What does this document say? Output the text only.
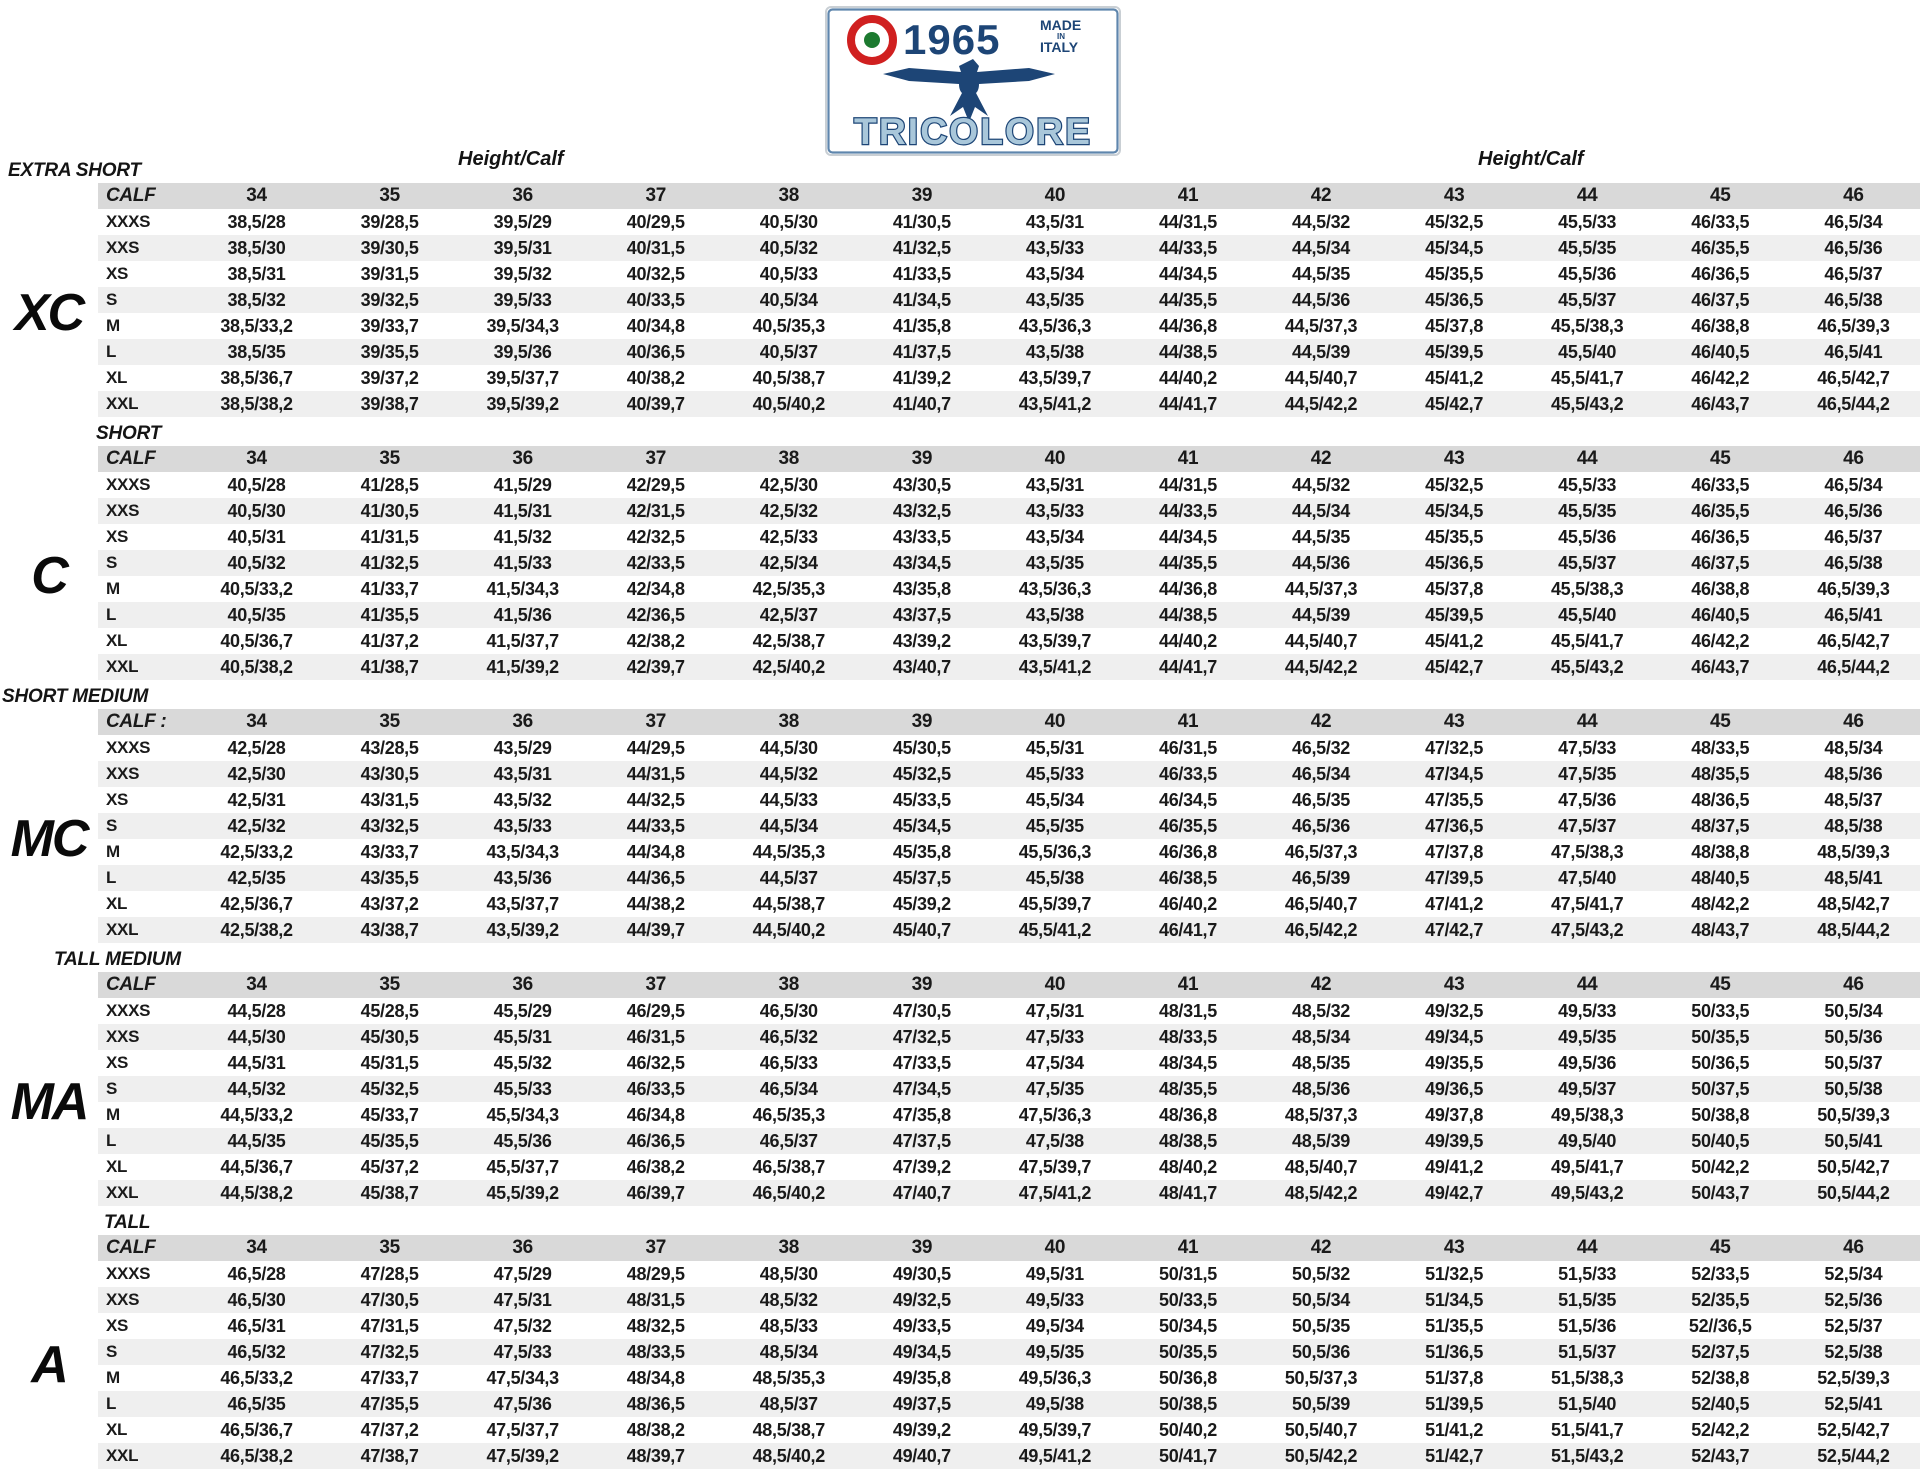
1965	MADE
IN
ITALY
TRICOLORE
Height/Calf	Height/Calf
EXTRA SHORT
XC
CALF	34	35	36	37	38	39	40	41	42	43	44	45	46
XXXS	38,5/28	39/28,5	39,5/29	40/29,5	40,5/30	41/30,5	43,5/31	44/31,5	44,5/32	45/32,5	45,5/33	46/33,5	46,5/34
XXS	38,5/30	39/30,5	39,5/31	40/31,5	40,5/32	41/32,5	43,5/33	44/33,5	44,5/34	45/34,5	45,5/35	46/35,5	46,5/36
XS	38,5/31	39/31,5	39,5/32	40/32,5	40,5/33	41/33,5	43,5/34	44/34,5	44,5/35	45/35,5	45,5/36	46/36,5	46,5/37
S	38,5/32	39/32,5	39,5/33	40/33,5	40,5/34	41/34,5	43,5/35	44/35,5	44,5/36	45/36,5	45,5/37	46/37,5	46,5/38
M	38,5/33,2	39/33,7	39,5/34,3	40/34,8	40,5/35,3	41/35,8	43,5/36,3	44/36,8	44,5/37,3	45/37,8	45,5/38,3	46/38,8	46,5/39,3
L	38,5/35	39/35,5	39,5/36	40/36,5	40,5/37	41/37,5	43,5/38	44/38,5	44,5/39	45/39,5	45,5/40	46/40,5	46,5/41
XL	38,5/36,7	39/37,2	39,5/37,7	40/38,2	40,5/38,7	41/39,2	43,5/39,7	44/40,2	44,5/40,7	45/41,2	45,5/41,7	46/42,2	46,5/42,7
XXL	38,5/38,2	39/38,7	39,5/39,2	40/39,7	40,5/40,2	41/40,7	43,5/41,2	44/41,7	44,5/42,2	45/42,7	45,5/43,2	46/43,7	46,5/44,2
SHORT
C
CALF	34	35	36	37	38	39	40	41	42	43	44	45	46
XXXS	40,5/28	41/28,5	41,5/29	42/29,5	42,5/30	43/30,5	43,5/31	44/31,5	44,5/32	45/32,5	45,5/33	46/33,5	46,5/34
XXS	40,5/30	41/30,5	41,5/31	42/31,5	42,5/32	43/32,5	43,5/33	44/33,5	44,5/34	45/34,5	45,5/35	46/35,5	46,5/36
XS	40,5/31	41/31,5	41,5/32	42/32,5	42,5/33	43/33,5	43,5/34	44/34,5	44,5/35	45/35,5	45,5/36	46/36,5	46,5/37
S	40,5/32	41/32,5	41,5/33	42/33,5	42,5/34	43/34,5	43,5/35	44/35,5	44,5/36	45/36,5	45,5/37	46/37,5	46,5/38
M	40,5/33,2	41/33,7	41,5/34,3	42/34,8	42,5/35,3	43/35,8	43,5/36,3	44/36,8	44,5/37,3	45/37,8	45,5/38,3	46/38,8	46,5/39,3
L	40,5/35	41/35,5	41,5/36	42/36,5	42,5/37	43/37,5	43,5/38	44/38,5	44,5/39	45/39,5	45,5/40	46/40,5	46,5/41
XL	40,5/36,7	41/37,2	41,5/37,7	42/38,2	42,5/38,7	43/39,2	43,5/39,7	44/40,2	44,5/40,7	45/41,2	45,5/41,7	46/42,2	46,5/42,7
XXL	40,5/38,2	41/38,7	41,5/39,2	42/39,7	42,5/40,2	43/40,7	43,5/41,2	44/41,7	44,5/42,2	45/42,7	45,5/43,2	46/43,7	46,5/44,2
SHORT MEDIUM
MC
CALF :	34	35	36	37	38	39	40	41	42	43	44	45	46
XXXS	42,5/28	43/28,5	43,5/29	44/29,5	44,5/30	45/30,5	45,5/31	46/31,5	46,5/32	47/32,5	47,5/33	48/33,5	48,5/34
XXS	42,5/30	43/30,5	43,5/31	44/31,5	44,5/32	45/32,5	45,5/33	46/33,5	46,5/34	47/34,5	47,5/35	48/35,5	48,5/36
XS	42,5/31	43/31,5	43,5/32	44/32,5	44,5/33	45/33,5	45,5/34	46/34,5	46,5/35	47/35,5	47,5/36	48/36,5	48,5/37
S	42,5/32	43/32,5	43,5/33	44/33,5	44,5/34	45/34,5	45,5/35	46/35,5	46,5/36	47/36,5	47,5/37	48/37,5	48,5/38
M	42,5/33,2	43/33,7	43,5/34,3	44/34,8	44,5/35,3	45/35,8	45,5/36,3	46/36,8	46,5/37,3	47/37,8	47,5/38,3	48/38,8	48,5/39,3
L	42,5/35	43/35,5	43,5/36	44/36,5	44,5/37	45/37,5	45,5/38	46/38,5	46,5/39	47/39,5	47,5/40	48/40,5	48,5/41
XL	42,5/36,7	43/37,2	43,5/37,7	44/38,2	44,5/38,7	45/39,2	45,5/39,7	46/40,2	46,5/40,7	47/41,2	47,5/41,7	48/42,2	48,5/42,7
XXL	42,5/38,2	43/38,7	43,5/39,2	44/39,7	44,5/40,2	45/40,7	45,5/41,2	46/41,7	46,5/42,2	47/42,7	47,5/43,2	48/43,7	48,5/44,2
TALL MEDIUM
MA
CALF	34	35	36	37	38	39	40	41	42	43	44	45	46
XXXS	44,5/28	45/28,5	45,5/29	46/29,5	46,5/30	47/30,5	47,5/31	48/31,5	48,5/32	49/32,5	49,5/33	50/33,5	50,5/34
XXS	44,5/30	45/30,5	45,5/31	46/31,5	46,5/32	47/32,5	47,5/33	48/33,5	48,5/34	49/34,5	49,5/35	50/35,5	50,5/36
XS	44,5/31	45/31,5	45,5/32	46/32,5	46,5/33	47/33,5	47,5/34	48/34,5	48,5/35	49/35,5	49,5/36	50/36,5	50,5/37
S	44,5/32	45/32,5	45,5/33	46/33,5	46,5/34	47/34,5	47,5/35	48/35,5	48,5/36	49/36,5	49,5/37	50/37,5	50,5/38
M	44,5/33,2	45/33,7	45,5/34,3	46/34,8	46,5/35,3	47/35,8	47,5/36,3	48/36,8	48,5/37,3	49/37,8	49,5/38,3	50/38,8	50,5/39,3
L	44,5/35	45/35,5	45,5/36	46/36,5	46,5/37	47/37,5	47,5/38	48/38,5	48,5/39	49/39,5	49,5/40	50/40,5	50,5/41
XL	44,5/36,7	45/37,2	45,5/37,7	46/38,2	46,5/38,7	47/39,2	47,5/39,7	48/40,2	48,5/40,7	49/41,2	49,5/41,7	50/42,2	50,5/42,7
XXL	44,5/38,2	45/38,7	45,5/39,2	46/39,7	46,5/40,2	47/40,7	47,5/41,2	48/41,7	48,5/42,2	49/42,7	49,5/43,2	50/43,7	50,5/44,2
TALL
A
CALF	34	35	36	37	38	39	40	41	42	43	44	45	46
XXXS	46,5/28	47/28,5	47,5/29	48/29,5	48,5/30	49/30,5	49,5/31	50/31,5	50,5/32	51/32,5	51,5/33	52/33,5	52,5/34
XXS	46,5/30	47/30,5	47,5/31	48/31,5	48,5/32	49/32,5	49,5/33	50/33,5	50,5/34	51/34,5	51,5/35	52/35,5	52,5/36
XS	46,5/31	47/31,5	47,5/32	48/32,5	48,5/33	49/33,5	49,5/34	50/34,5	50,5/35	51/35,5	51,5/36	52//36,5	52,5/37
S	46,5/32	47/32,5	47,5/33	48/33,5	48,5/34	49/34,5	49,5/35	50/35,5	50,5/36	51/36,5	51,5/37	52/37,5	52,5/38
M	46,5/33,2	47/33,7	47,5/34,3	48/34,8	48,5/35,3	49/35,8	49,5/36,3	50/36,8	50,5/37,3	51/37,8	51,5/38,3	52/38,8	52,5/39,3
L	46,5/35	47/35,5	47,5/36	48/36,5	48,5/37	49/37,5	49,5/38	50/38,5	50,5/39	51/39,5	51,5/40	52/40,5	52,5/41
XL	46,5/36,7	47/37,2	47,5/37,7	48/38,2	48,5/38,7	49/39,2	49,5/39,7	50/40,2	50,5/40,7	51/41,2	51,5/41,7	52/42,2	52,5/42,7
XXL	46,5/38,2	47/38,7	47,5/39,2	48/39,7	48,5/40,2	49/40,7	49,5/41,2	50/41,7	50,5/42,2	51/42,7	51,5/43,2	52/43,7	52,5/44,2
